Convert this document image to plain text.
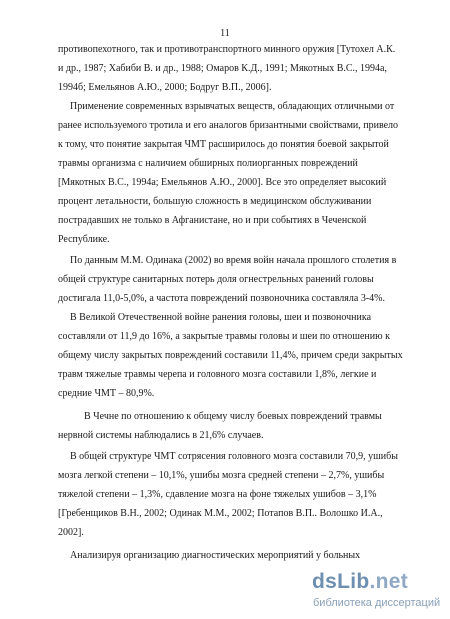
11
противопехотного, так и противотранспортного минного оружия [Тутохел А.К.
и др., 1987; Хабиби В. и др., 1988; Омаров К.Д., 1991; Мякотных В.С., 1994а,
1994б; Емельянов А.Ю., 2000; Бодруг В.П., 2006].
Применение современных взрывчатых веществ, обладающих отличными от
ранее используемого тротила и его аналогов бризантными свойствами, привело
к тому, что понятие закрытая ЧМТ расширилось до понятия боевой закрытой
травмы организма с наличием обширных полиорганных повреждений
[Мякотных В.С., 1994а; Емельянов А.Ю., 2000]. Все это определяет высокий
процент летальности, большую сложность в медицинском обслуживании
пострадавших не только в Афганистане, но и при событиях в Чеченской
Республике.
По данным М.М. Одинака (2002) во время войн начала прошлого столетия в
общей структуре санитарных потерь доля огнестрельных ранений головы
достигала 11,0-5,0%, а частота повреждений позвоночника составляла 3-4%.
В Великой Отечественной войне ранения головы, шеи и позвоночника
составляли от 11,9 до 16%, а закрытые травмы головы и шеи по отношению к
общему числу закрытых повреждений составили 11,4%, причем среди закрытых
травм тяжелые травмы черепа и головного мозга составили 1,8%, легкие и
средние ЧМТ – 80,9%.
В Чечне по отношению к общему числу боевых повреждений травмы
нервной системы наблюдались в 21,6% случаев.
В общей структуре ЧМТ сотрясения головного мозга составили 70,9, ушибы
мозга легкой степени – 10,1%, ушибы мозга средней степени – 2,7%, ушибы
тяжелой степени – 1,3%, сдавление мозга на фоне тяжелых ушибов – 3,1%
[Гребенщиков В.Н., 2002; Одинак М.М., 2002; Потапов В.П.. Волошко И.А.,
2002].
Анализируя организацию диагностических мероприятий у больных
dsLib.net
библиотека диссертаций
